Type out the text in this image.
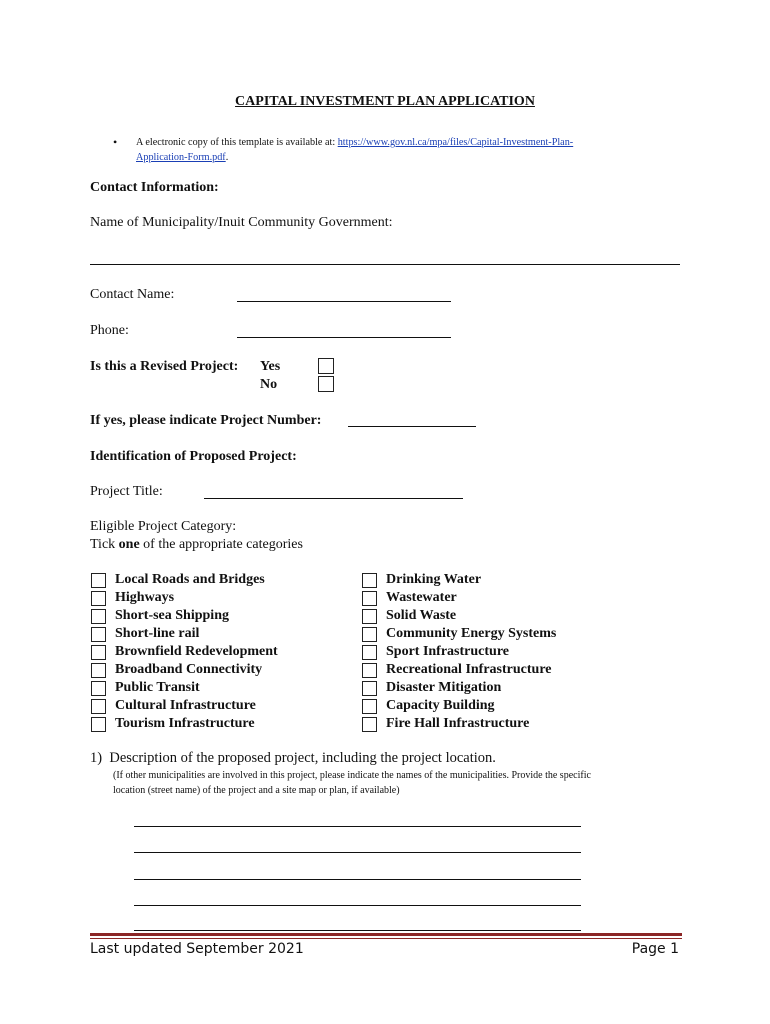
CAPITAL INVESTMENT PLAN APPLICATION
• A electronic copy of this template is available at: https://www.gov.nl.ca/mpa/files/Capital-Investment-Plan-
Application-Form.pdf.
Contact Information:
Name of Municipality/Inuit Community Government:
Contact Name:
Phone:
Is this a Revised Project: Yes
No
If yes, please indicate Project Number:
Identification of Proposed Project:
Project Title:
Eligible Project Category:
Tick one of the appropriate categories
Local Roads and Bridges
Highways
Short-sea Shipping
Short-line rail
Brownfield Redevelopment
Broadband Connectivity
Public Transit
Cultural Infrastructure
Tourism Infrastructure
Drinking Water
Wastewater
Solid Waste
Community Energy Systems
Sport Infrastructure
Recreational Infrastructure
Disaster Mitigation
Capacity Building
Fire Hall Infrastructure
1) Description of the proposed project, including the project location.
(If other municipalities are involved in this project, please indicate the names of the municipalities. Provide the specific
location (street name) of the project and a site map or plan, if available)
Last updated September 2021	Page 1
